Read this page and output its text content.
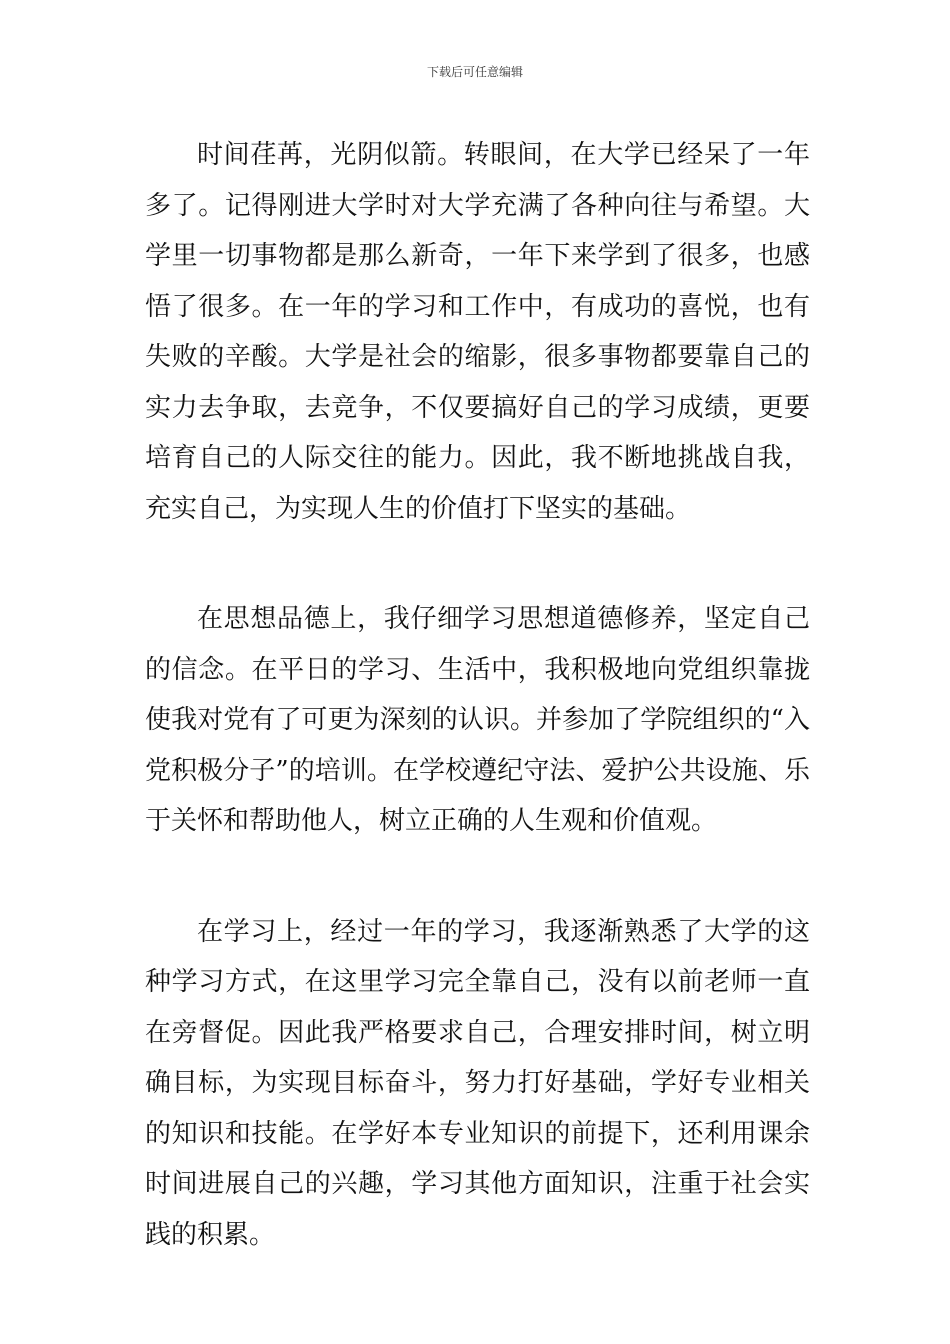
下载后可任意编辑

时间荏苒，光阴似箭。转眼间，在大学已经呆了一年多了。记得刚进大学时对大学充满了各种向往与希望。大学里一切事物都是那么新奇，一年下来学到了很多，也感悟了很多。在一年的学习和工作中，有成功的喜悦，也有失败的辛酸。大学是社会的缩影，很多事物都要靠自己的实力去争取，去竞争，不仅要搞好自己的学习成绩，更要培育自己的人际交往的能力。因此，我不断地挑战自我，充实自己，为实现人生的价值打下坚实的基础。

在思想品德上，我仔细学习思想道德修养，坚定自己的信念。在平日的学习、生活中，我积极地向党组织靠拢使我对党有了可更为深刻的认识。并参加了学院组织的“入党积极分子”的培训。在学校遵纪守法、爱护公共设施、乐于关怀和帮助他人，树立正确的人生观和价值观。

在学习上，经过一年的学习，我逐渐熟悉了大学的这种学习方式，在这里学习完全靠自己，没有以前老师一直在旁督促。因此我严格要求自己，合理安排时间，树立明确目标，为实现目标奋斗，努力打好基础，学好专业相关的知识和技能。在学好本专业知识的前提下，还利用课余时间进展自己的兴趣，学习其他方面知识，注重于社会实践的积累。
